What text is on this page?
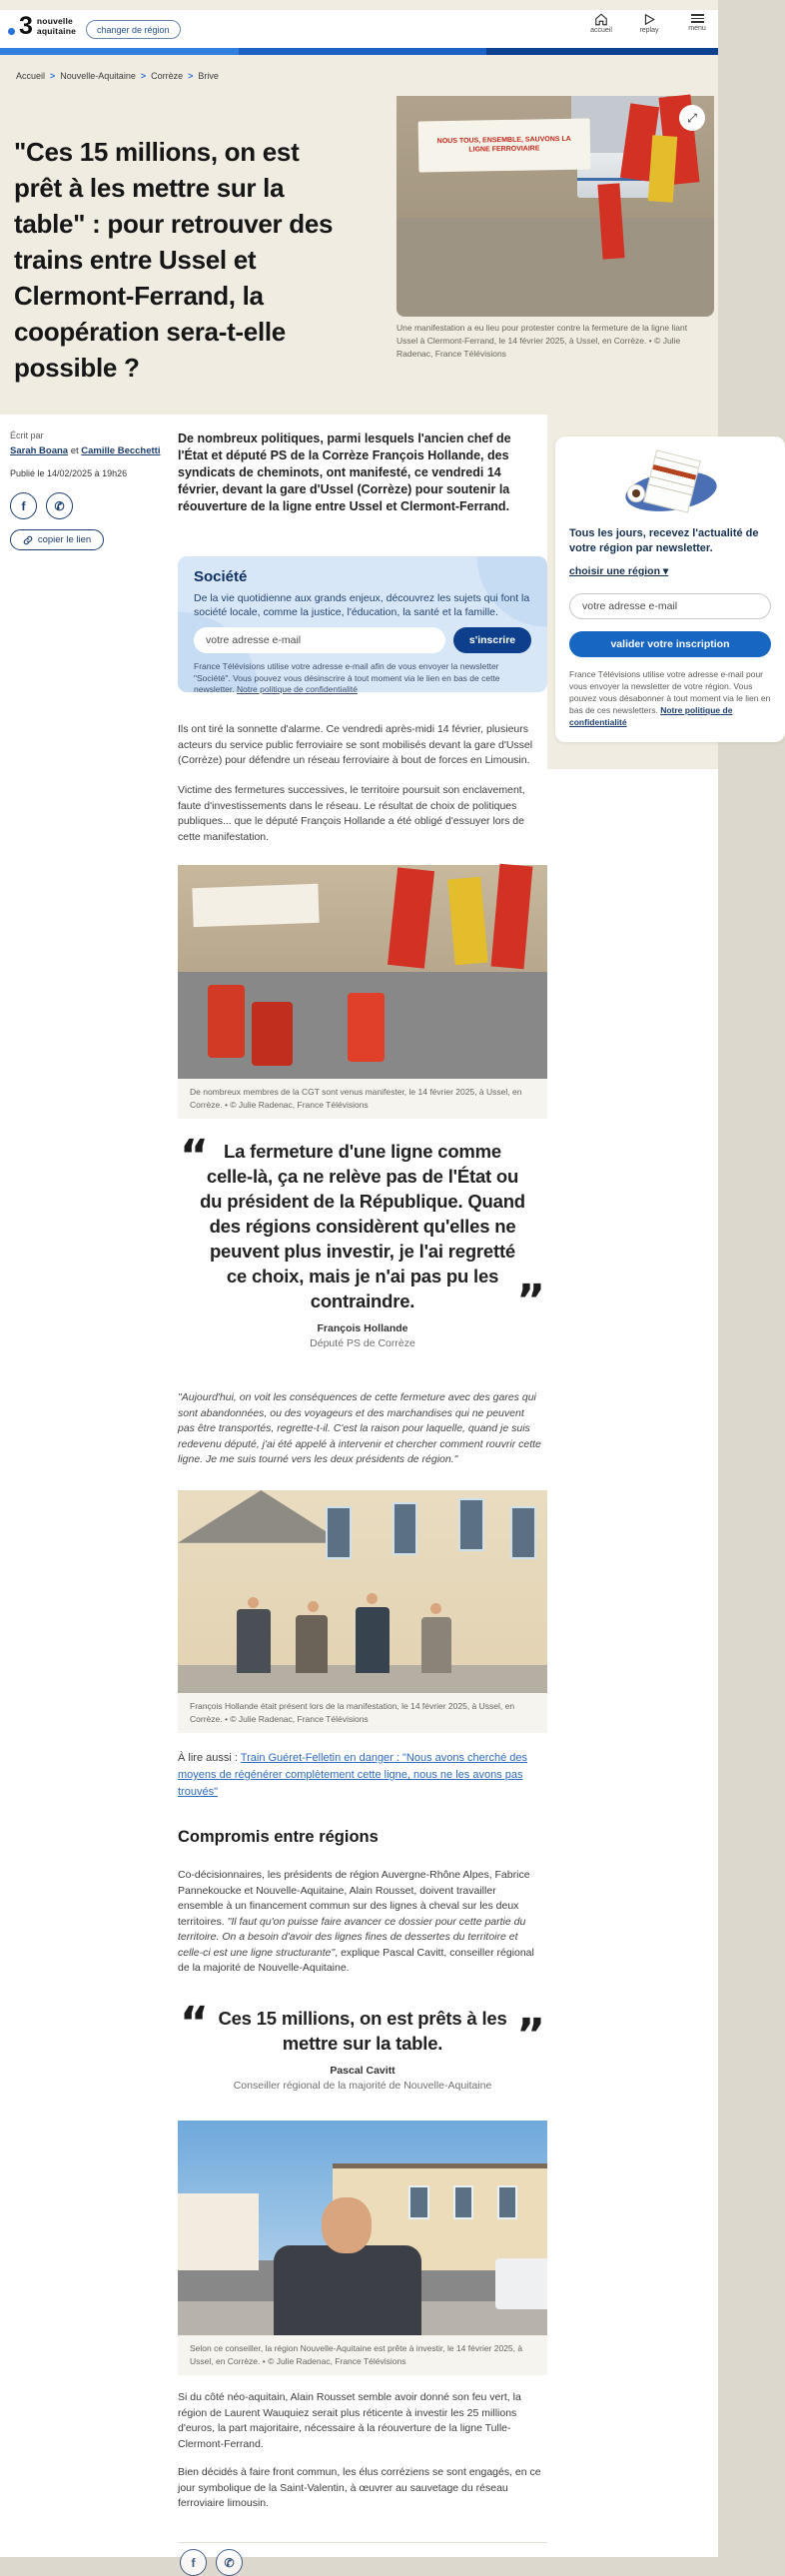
3 nouvelle
aquitaine	changer de région	accueil	replay	menu
Accueil > Nouvelle-Aquitaine > Corrèze > Brive
"Ces 15 millions, on est prêt à les mettre sur la table" : pour retrouver des trains entre Ussel et Clermont-Ferrand, la coopération sera-t-elle possible ?
NOUS TOUS, ENSEMBLE, SAUVONS LA LIGNE FERROVIAIRE
⤢
Une manifestation a eu lieu pour protester contre la fermeture de la ligne liant Ussel à Clermont-Ferrand, le 14 février 2025, à Ussel, en Corrèze. • © Julie Radenac, France Télévisions
Écrit par
Sarah Boana et Camille Becchetti
Publié le 14/02/2025 à 19h26
f ✆
copier le lien

De nombreux politiques, parmi lesquels l'ancien chef de l'État et député PS de la Corrèze François Hollande, des syndicats de cheminots, ont manifesté, ce vendredi 14 février, devant la gare d'Ussel (Corrèze) pour soutenir la réouverture de la ligne entre Ussel et Clermont-Ferrand.

Société
De la vie quotidienne aux grands enjeux, découvrez les sujets qui font la société locale, comme la justice, l'éducation, la santé et la famille.
votre adresse e-mail
s'inscrire
France Télévisions utilise votre adresse e-mail afin de vous envoyer la newsletter "Société". Vous pouvez vous désinscrire à tout moment via le lien en bas de cette newsletter. Notre politique de confidentialité

Ils ont tiré la sonnette d'alarme. Ce vendredi après-midi 14 février, plusieurs acteurs du service public ferroviaire se sont mobilisés devant la gare d'Ussel (Corrèze) pour défendre un réseau ferroviaire à bout de forces en Limousin.

Victime des fermetures successives, le territoire poursuit son enclavement, faute d'investissements dans le réseau. Le résultat de choix de politiques publiques... que le député François Hollande a été obligé d'essuyer lors de cette manifestation.

De nombreux membres de la CGT sont venus manifester, le 14 février 2025, à Ussel, en Corrèze. • © Julie Radenac, France Télévisions
“ La fermeture d'une ligne comme celle-là, ça ne relève pas de l'État ou du président de la République. Quand des régions considèrent qu'elles ne peuvent plus investir, je l'ai regretté ce choix, mais je n'ai pas pu les contraindre.

François Hollande
Député PS de Corrèze
”

"Aujourd'hui, on voit les conséquences de cette fermeture avec des gares qui sont abandonnées, ou des voyageurs et des marchandises qui ne peuvent pas être transportés, regrette-t-il. C'est la raison pour laquelle, quand je suis redevenu député, j'ai été appelé à intervenir et chercher comment rouvrir cette ligne. Je me suis tourné vers les deux présidents de région."

François Hollande était présent lors de la manifestation, le 14 février 2025, à Ussel, en Corrèze. • © Julie Radenac, France Télévisions

À lire aussi : Train Guéret-Felletin en danger : "Nous avons cherché des moyens de régénérer complètement cette ligne, nous ne les avons pas trouvés"

Compromis entre régions

Co-décisionnaires, les présidents de région Auvergne-Rhône Alpes, Fabrice Pannekoucke et Nouvelle-Aquitaine, Alain Rousset, doivent travailler ensemble à un financement commun sur des lignes à cheval sur les deux territoires. "Il faut qu'on puisse faire avancer ce dossier pour cette partie du territoire. On a besoin d'avoir des lignes fines de dessertes du territoire et celle-ci est une ligne structurante", explique Pascal Cavitt, conseiller régional de la majorité de Nouvelle-Aquitaine.

“ Ces 15 millions, on est prêts à les mettre sur la table.

Pascal Cavitt
Conseiller régional de la majorité de Nouvelle-Aquitaine
”
Selon ce conseiller, la région Nouvelle-Aquitaine est prête à investir, le 14 février 2025, à Ussel, en Corrèze. • © Julie Radenac, France Télévisions

Si du côté néo-aquitain, Alain Rousset semble avoir donné son feu vert, la région de Laurent Wauquiez serait plus réticente à investir les 25 millions d'euros, la part majoritaire, nécessaire à la réouverture de la ligne Tulle-Clermont-Ferrand.

Bien décidés à faire front commun, les élus corréziens se sont engagés, en ce jour symbolique de la Saint-Valentin, à œuvrer au sauvetage du réseau ferroviaire limousin.

f ✆
Tous les jours, recevez l'actualité de votre région par newsletter.
choisir une région ▾ votre adresse e-mail valider votre inscription
France Télévisions utilise votre adresse e-mail pour vous envoyer la newsletter de votre région. Vous pouvez vous désabonner à tout moment via le lien en bas de ces newsletters. Notre politique de confidentialité
